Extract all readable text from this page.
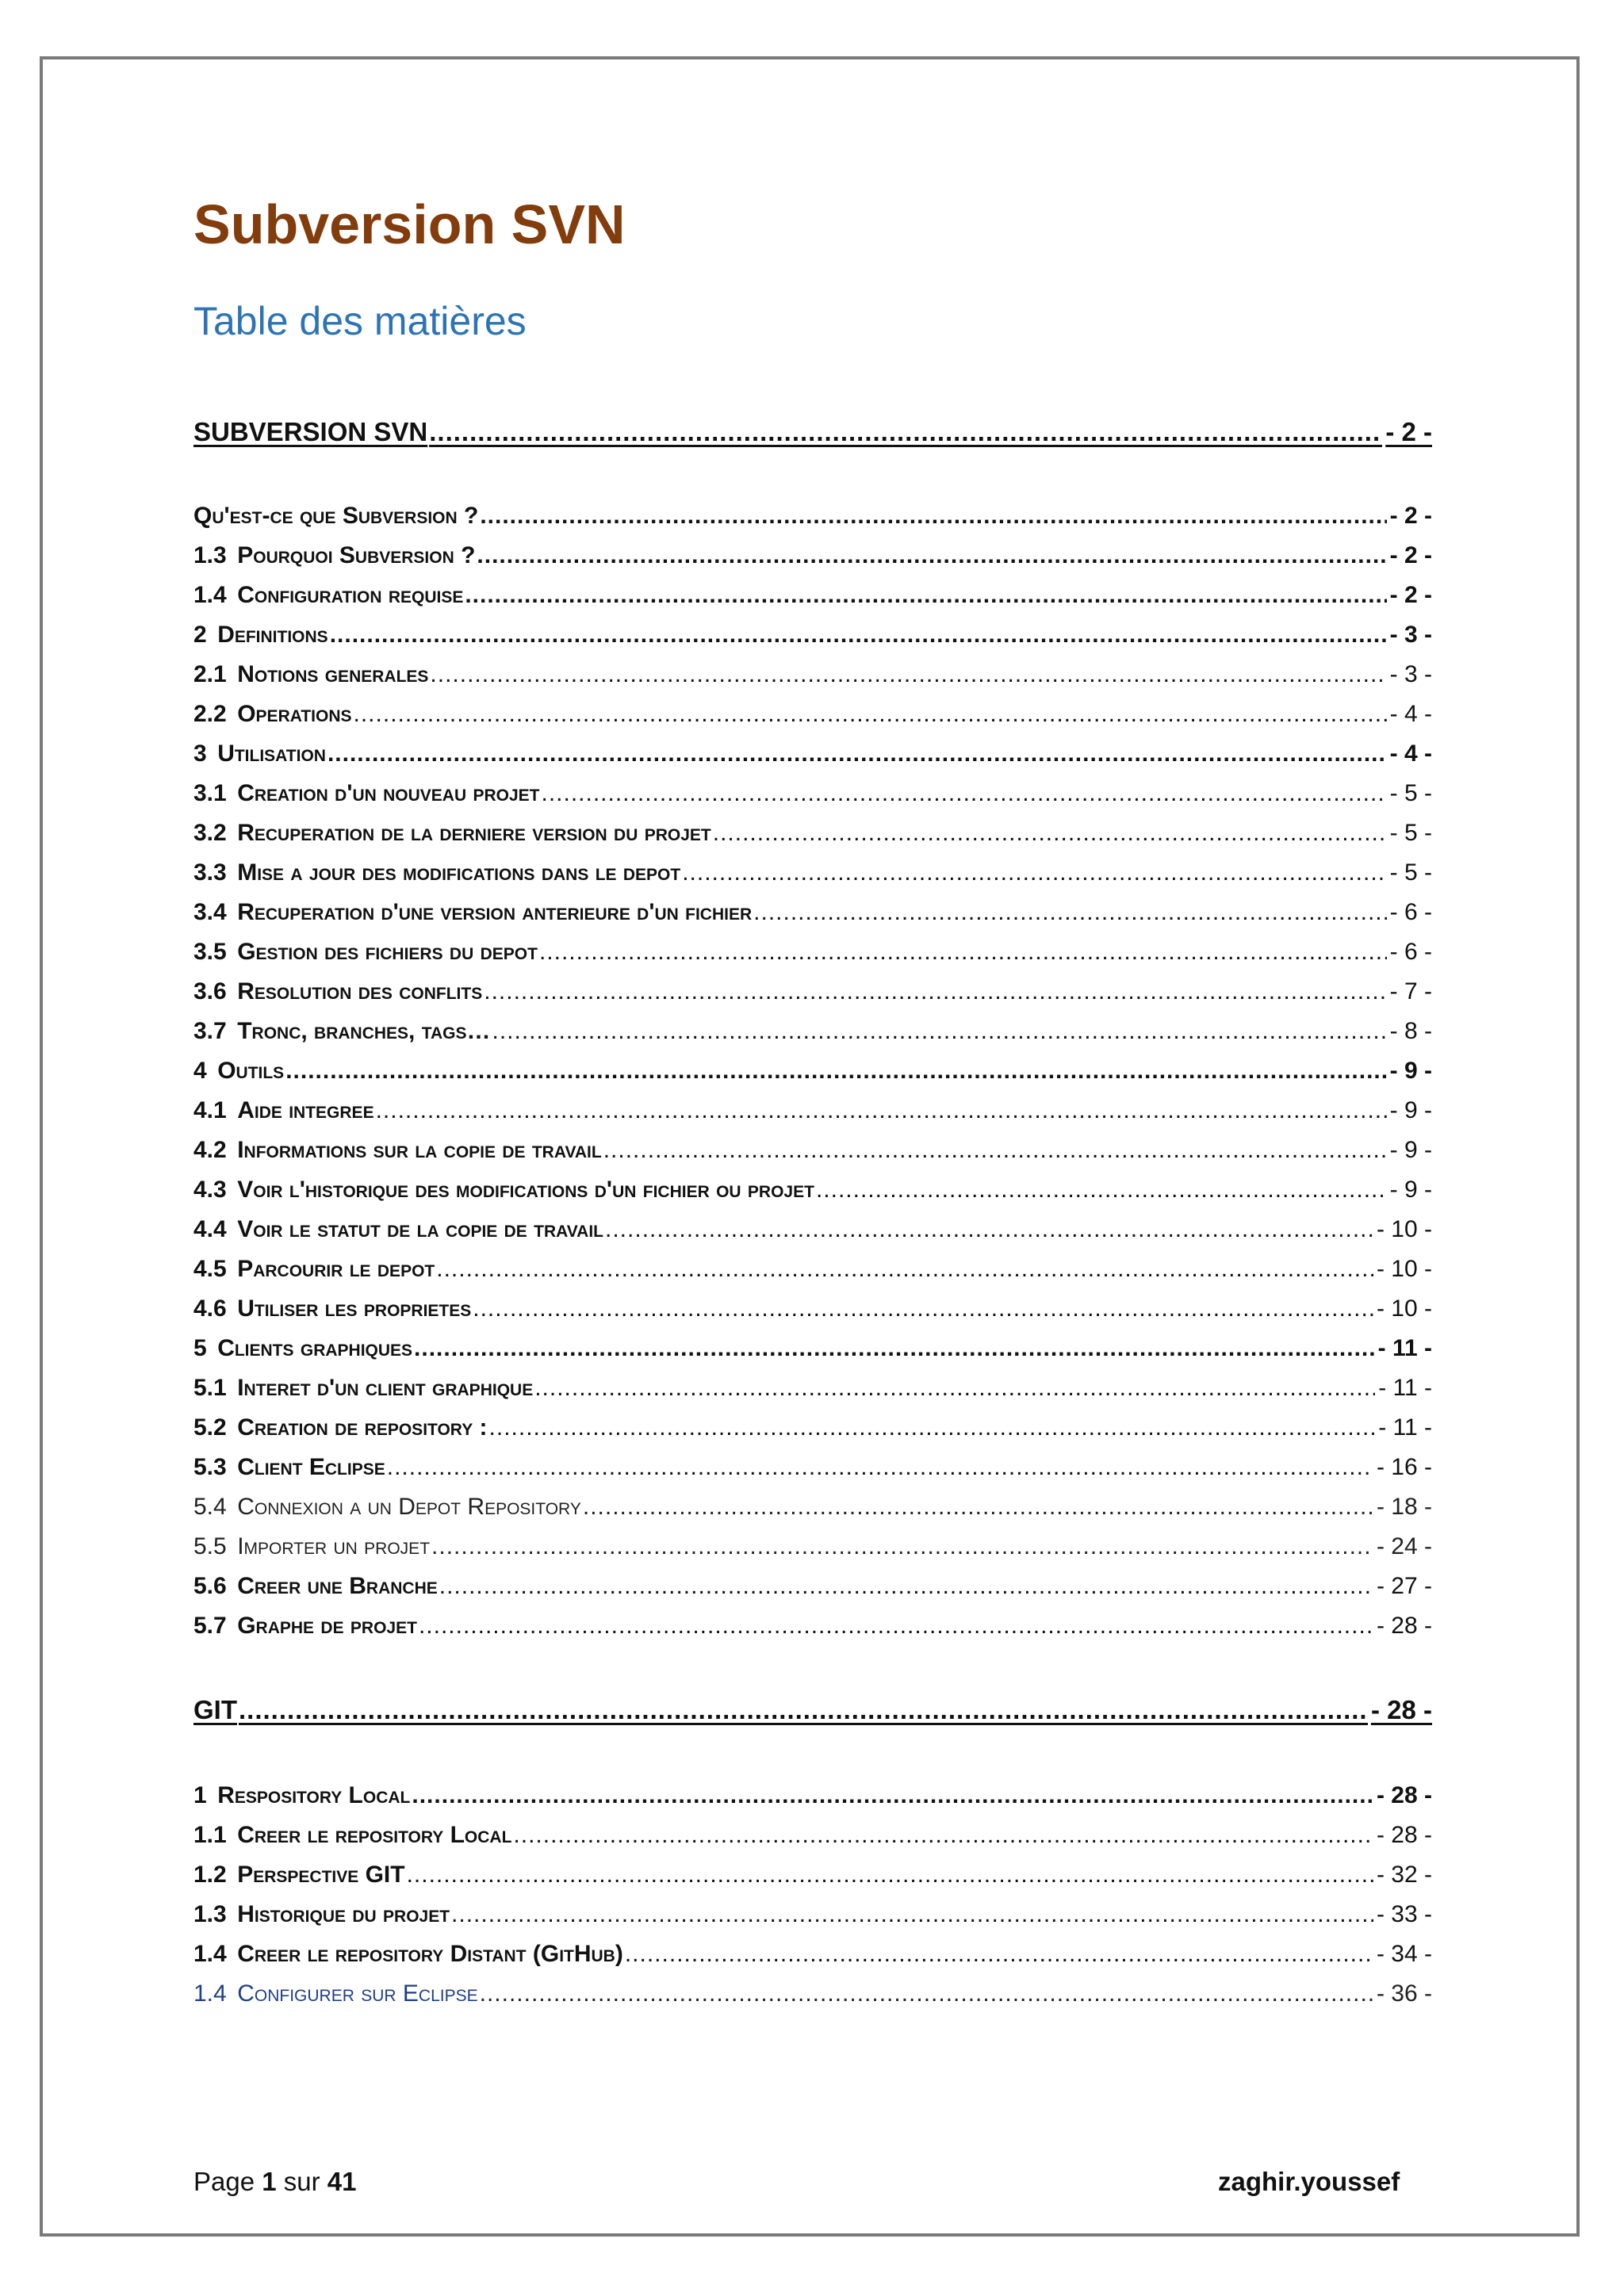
Subversion SVN
Table des matières
SUBVERSION SVN .....	- 2 -
Qu'est-ce que Subversion ? .....	- 2 -
1.3 Pourquoi Subversion ? .....	- 2 -
1.4 Configuration requise .....	- 2 -
2 Definitions .....	- 3 -
2.1 Notions generales .....	- 3 -
2.2 Operations .....	- 4 -
3 Utilisation .....	- 4 -
3.1 Creation d'un nouveau projet .....	- 5 -
3.2 Recuperation de la derniere version du projet .....	- 5 -
3.3 Mise a jour des modifications dans le depot .....	- 5 -
3.4 Recuperation d'une version anterieure d'un fichier .....	- 6 -
3.5 Gestion des fichiers du depot .....	- 6 -
3.6 Resolution des conflits .....	- 7 -
3.7 Tronc, branches, tags… .....	- 8 -
4 Outils .....	- 9 -
4.1 Aide integree .....	- 9 -
4.2 Informations sur la copie de travail .....	- 9 -
4.3 Voir l'historique des modifications d'un fichier ou projet .....	- 9 -
4.4 Voir le statut de la copie de travail .....	- 10 -
4.5 Parcourir le depot .....	- 10 -
4.6 Utiliser les proprietes .....	- 10 -
5 Clients graphiques .....	- 11 -
5.1 Interet d'un client graphique .....	- 11 -
5.2 Creation de repository : .....	- 11 -
5.3 Client Eclipse .....	- 16 -
5.4 Connexion a un Depot Repository .....	- 18 -
5.5 Importer un projet .....	- 24 -
5.6 Creer une Branche .....	- 27 -
5.7 Graphe de projet .....	- 28 -
GIT .....	- 28 -
1 Respository Local .....	- 28 -
1.1 Creer le repository Local .....	- 28 -
1.2 Perspective GIT .....	- 32 -
1.3 Historique du projet .....	- 33 -
1.4 Creer le repository Distant (GitHub) .....	- 34 -
1.4 Configurer sur Eclipse .....	- 36 -
Page 1 sur 41	zaghir.youssef
